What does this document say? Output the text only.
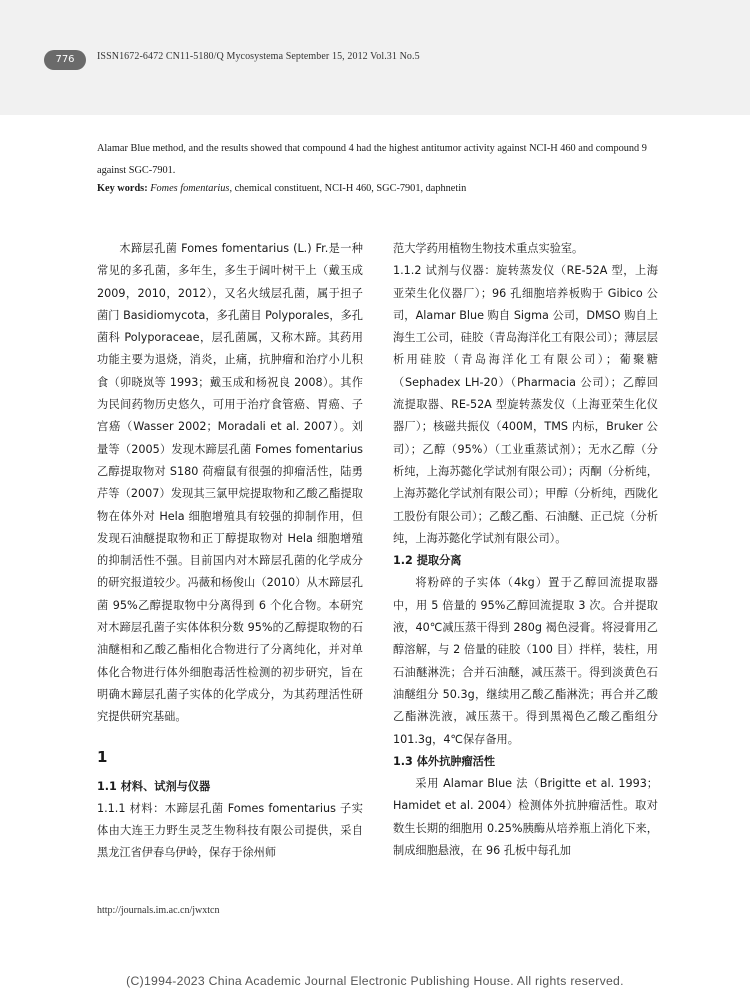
776	ISSN1672-6472 CN11-5180/Q Mycosystema September 15, 2012 Vol.31 No.5
Alamar Blue method, and the results showed that compound 4 had the highest antitumor activity against NCI-H 460 and compound 9 against SGC-7901.
Key words: Fomes fomentarius, chemical constituent, NCI-H 460, SGC-7901, daphnetin

木蹄层孔菌 Fomes fomentarius (L.) Fr.是一种常见的多孔菌，多年生，多生于阔叶树干上（戴玉成 2009，2010，2012），又名火绒层孔菌，属于担子菌门 Basidiomycota，多孔菌目 Polyporales，多孔菌科 Polyporaceae，层孔菌属，又称木蹄。其药用功能主要为退烧，消炎，止痛，抗肿瘤和治疗小儿积食（卯晓岚等 1993；戴玉成和杨祝良 2008）。其作为民间药物历史悠久，可用于治疗食管癌、胃癌、子宫癌（Wasser 2002；Moradali et al. 2007）。刘量等（2005）发现木蹄层孔菌 Fomes fomentarius 乙醇提取物对 S180 荷瘤鼠有很强的抑瘤活性，陆勇芹等（2007）发现其三氯甲烷提取物和乙酸乙酯提取物在体外对 Hela 细胞增殖具有较强的抑制作用，但发现石油醚提取物和正丁醇提取物对 Hela 细胞增殖的抑制活性不强。目前国内对木蹄层孔菌的化学成分的研究报道较少。冯薇和杨俊山（2010）从木蹄层孔菌 95%乙醇提取物中分离得到 6 个化合物。本研究对木蹄层孔菌子实体体积分数 95%的乙醇提取物的石油醚相和乙酸乙酯相化合物进行了分离纯化，并对单体化合物进行体外细胞毒活性检测的初步研究，旨在明确木蹄层孔菌子实体的化学成分，为其药理活性研究提供研究基础。

1

1.1 材料、试剂与仪器

1.1.1 材料：木蹄层孔菌 Fomes fomentarius 子实体由大连王力野生灵芝生物科技有限公司提供，采自黑龙江省伊春乌伊岭，保存于徐州师

范大学药用植物生物技术重点实验室。

1.1.2 试剂与仪器：旋转蒸发仪（RE-52A 型，上海亚荣生化仪器厂）；96 孔细胞培养板购于 Gibico 公司，Alamar Blue 购自 Sigma 公司，DMSO 购自上海生工公司，硅胶（青岛海洋化工有限公司）；薄层层析用硅胶（青岛海洋化工有限公司）；葡聚糖（Sephadex LH-20）（Pharmacia 公司）；乙醇回流提取器、RE-52A 型旋转蒸发仪（上海亚荣生化仪器厂）；核磁共振仪（400M，TMS 内标，Bruker 公司）；乙醇（95%）（工业重蒸试剂）；无水乙醇（分析纯，上海苏懿化学试剂有限公司）；丙酮（分析纯，上海苏懿化学试剂有限公司）；甲醇（分析纯，西陇化工股份有限公司）；乙酸乙酯、石油醚、正己烷（分析纯，上海苏懿化学试剂有限公司）。

1.2 提取分离

将粉碎的子实体（4kg）置于乙醇回流提取器中，用 5 倍量的 95%乙醇回流提取 3 次。合并提取液，40℃减压蒸干得到 280g 褐色浸膏。将浸膏用乙醇溶解，与 2 倍量的硅胶（100 目）拌样，装柱，用石油醚淋洗；合并石油醚，减压蒸干。得到淡黄色石油醚组分 50.3g，继续用乙酸乙酯淋洗；再合并乙酸乙酯淋洗液，减压蒸干。得到黑褐色乙酸乙酯组分 101.3g，4℃保存备用。

1.3 体外抗肿瘤活性

采用 Alamar Blue 法（Brigitte et al. 1993；Hamidet et al. 2004）检测体外抗肿瘤活性。取对数生长期的细胞用 0.25%胰酶从培养瓶上消化下来，制成细胞悬液，在 96 孔板中每孔加

http://journals.im.ac.cn/jwxtcn
(C)1994-2023 China Academic Journal Electronic Publishing House. All rights reserved.
